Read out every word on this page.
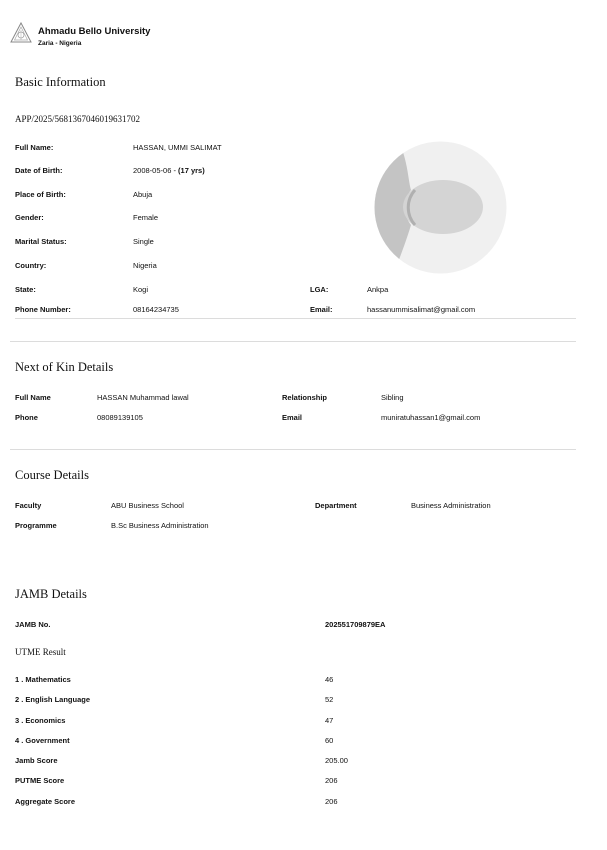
Ahmadu Bello University
Zaria - Nigeria
Basic Information
APP/2025/5681367046019631702
Full Name:	HASSAN, UMMI SALIMAT
Date of Birth:	2008-05-06 - (17 yrs)
Place of Birth:	Abuja
Gender:	Female
Marital Status:	Single
Country:	Nigeria
State:	Kogi	LGA:	Ankpa
Phone Number:	08164234735	Email:	hassanummisalimat@gmail.com
Next of Kin Details
Full Name	HASSAN Muhammad lawal	Relationship	Sibling
Phone	08089139105	Email	muniratuhassan1@gmail.com
Course Details
Faculty	ABU Business School	Department	Business Administration
Programme	B.Sc Business Administration
JAMB Details
JAMB No.	202551709879EA
UTME Result
1 . Mathematics	46
2 . English Language	52
3 . Economics	47
4 . Government	60
Jamb Score	205.00
PUTME Score	206
Aggregate Score	206
